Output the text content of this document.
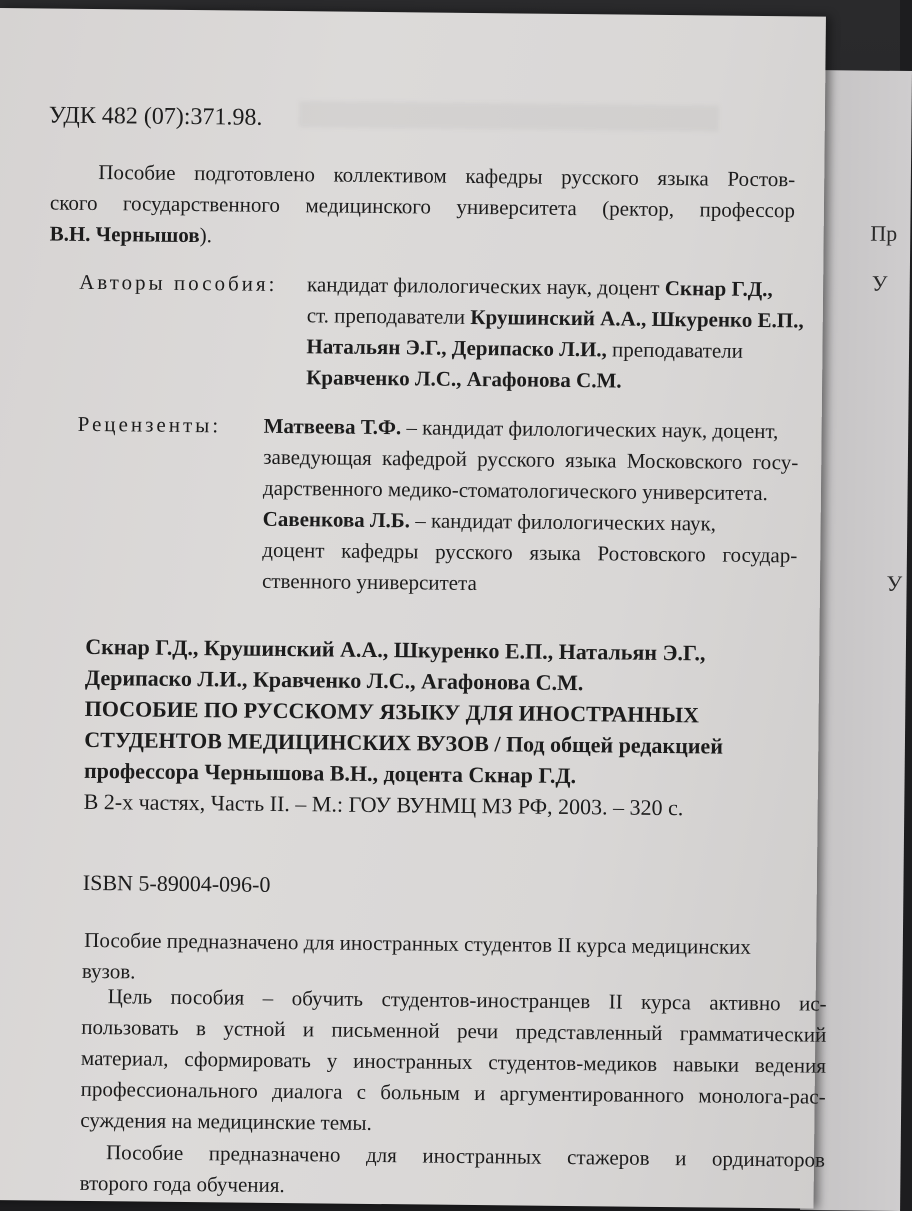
Пр
У
У
УДК 482 (07):371.98.
Пособие подготовлено коллективом кафедры русского языка Ростов-
ского государственного медицинского университета (ректор, профессор
В.Н. Чернышов).
Авторы пособия: кандидат филологических наук, доцент Скнар Г.Д.,
ст. преподаватели Крушинский А.А., Шкуренко Е.П.,
Натальян Э.Г., Дерипаско Л.И., преподаватели
Кравченко Л.С., Агафонова С.М.
Рецензенты: Матвеева Т.Ф. – кандидат филологических наук, доцент,
заведующая кафедрой русского языка Московского госу-
дарственного медико-стоматологического университета.
Савенкова Л.Б. – кандидат филологических наук,
доцент кафедры русского языка Ростовского государ-
ственного университета
Скнар Г.Д., Крушинский А.А., Шкуренко Е.П., Натальян Э.Г.,
Дерипаско Л.И., Кравченко Л.С., Агафонова С.М.
ПОСОБИЕ ПО РУССКОМУ ЯЗЫКУ ДЛЯ ИНОСТРАННЫХ
СТУДЕНТОВ МЕДИЦИНСКИХ ВУЗОВ / Под общей редакцией
профессора Чернышова В.Н., доцента Скнар Г.Д.
В 2-х частях, Часть II. – М.: ГОУ ВУНМЦ МЗ РФ, 2003. – 320 с.
ISBN 5-89004-096-0
Пособие предназначено для иностранных студентов II курса медицинских
вузов.
Цель пособия – обучить студентов-иностранцев II курса активно ис-
пользовать в устной и письменной речи представленный грамматический
материал, сформировать у иностранных студентов-медиков навыки ведения
профессионального диалога с больным и аргументированного монолога-рас-
суждения на медицинские темы.
Пособие предназначено для иностранных стажеров и ординаторов
второго года обучения.
